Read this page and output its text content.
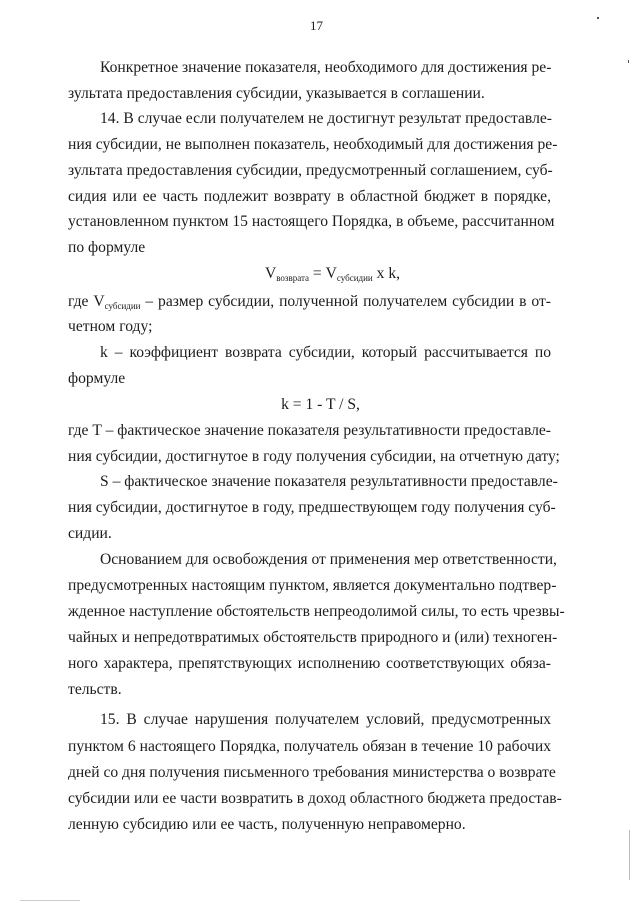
17
Конкретное значение показателя, необходимого для достижения ре-
зультата предоставления субсидии, указывается в соглашении.
14. В случае если получателем не достигнут результат предоставле-
ния субсидии, не выполнен показатель, необходимый для достижения ре-
зультата предоставления субсидии, предусмотренный соглашением, суб-
сидия или ее часть подлежит возврату в областной бюджет в порядке,
установленном пунктом 15 настоящего Порядка, в объеме, рассчитанном
по формуле
$V_{возврата} = V_{субсидии}$ x k,
где $V_{субсидии}$ – размер субсидии, полученной получателем субсидии в от-
четном году;
k – коэффициент возврата субсидии, который рассчитывается по
формуле
k = 1 - T / S,
где T – фактическое значение показателя результативности предоставле-
ния субсидии, достигнутое в году получения субсидии, на отчетную дату;
S – фактическое значение показателя результативности предоставле-
ния субсидии, достигнутое в году, предшествующем году получения суб-
сидии.
Основанием для освобождения от применения мер ответственности,
предусмотренных настоящим пунктом, является документально подтвер-
жденное наступление обстоятельств непреодолимой силы, то есть чрезвы-
чайных и непредотвратимых обстоятельств природного и (или) техноген-
ного характера, препятствующих исполнению соответствующих обяза-
тельств.
15. В случае нарушения получателем условий, предусмотренных
пунктом 6 настоящего Порядка, получатель обязан в течение 10 рабочих
дней со дня получения письменного требования министерства о возврате
субсидии или ее части возвратить в доход областного бюджета предостав-
ленную субсидию или ее часть, полученную неправомерно.
